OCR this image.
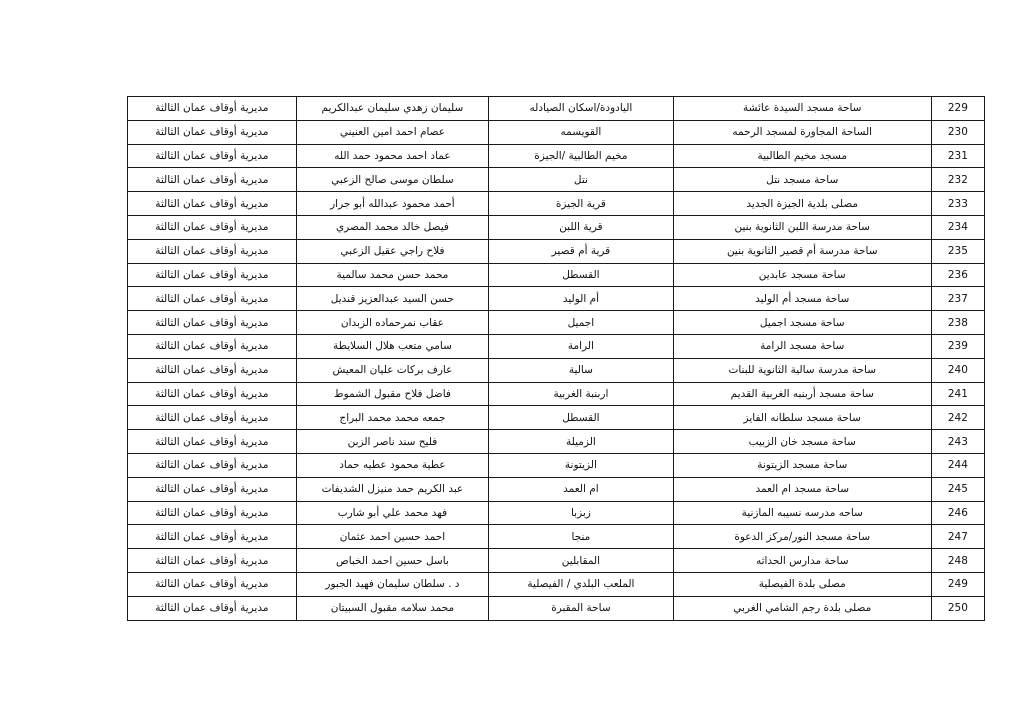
229	ساحة مسجد السيدة عائشة	اليادودة/اسكان الصيادله	سليمان زهدي سليمان عبدالكريم	مديرية أوقاف عمان الثالثة
230	الساحة المجاورة لمسجد الرحمه	القويسمه	عصام احمد امين العنيني	مديرية أوقاف عمان الثالثة
231	مسجد مخيم الطالبية	مخيم الطالبية /الجيزة	عماد احمد محمود حمد الله	مديرية أوقاف عمان الثالثة
232	ساحة مسجد نتل	نتل	سلطان موسى صالح الزعبي	مديرية أوقاف عمان الثالثة
233	مصلى بلدية الجيزة الجديد	قرية الجيزة	أحمد محمود عبدالله أبو جرار	مديرية أوقاف عمان الثالثة
234	ساحة مدرسة اللبن الثانوية بنين	قرية اللبن	فيصل خالد محمد المصري	مديرية أوقاف عمان الثالثة
235	ساحة مدرسة أم قصير الثانوية بنين	قرية أم قصير	فلاح راجي عقيل الزعبي	مديرية أوقاف عمان الثالثة
236	ساحة مسجد عابدين	القسطل	محمد حسن محمد سالمية	مديرية أوقاف عمان الثالثة
237	ساحة مسجد أم الوليد	أم الوليد	حسن السيد عبدالعزيز قنديل	مديرية أوقاف عمان الثالثة
238	ساحة مسجد اجميل	اجميل	عقاب نمرحماده الزبدان	مديرية أوقاف عمان الثالثة
239	ساحة مسجد الرامة	الرامة	سامي متعب هلال السلايطة	مديرية أوقاف عمان الثالثة
240	ساحة مدرسة سالية الثانوية للبنات	سالية	عارف بركات عليان المعيش	مديرية أوقاف عمان الثالثة
241	ساحة مسجد أربنبه الغربية القديم	اربنبة الغربية	فاضل فلاح مقبول الشموط	مديرية أوقاف عمان الثالثة
242	ساحة مسجد سلطانه الفايز	القسطل	جمعه محمد محمد البراج	مديرية أوقاف عمان الثالثة
243	ساحة مسجد خان الزبيب	الزميلة	فليح سند ناصر الزبن	مديرية أوقاف عمان الثالثة
244	ساحة مسجد الزيتونة	الزيتونة	عطية محمود عطيه حماد	مديرية أوقاف عمان الثالثة
245	ساحة مسجد ام العمد	ام العمد	عبد الكريم حمد منيزل الشديفات	مديرية أوقاف عمان الثالثة
246	ساحه مدرسه نسيبه المازنية	زبزبا	فهد محمد علي أبو شارب	مديرية أوقاف عمان الثالثة
247	ساحة مسجد النور/مركز الدعوة	منجا	احمد حسين احمد عثمان	مديرية أوقاف عمان الثالثة
248	ساحة مدارس الحداثه	المقابلين	باسل حسين احمد الخباص	مديرية أوقاف عمان الثالثة
249	مصلى بلدة الفيصلية	الملعب البلدي / الفيصلية	د . سلطان سليمان فهيد الجبور	مديرية أوقاف عمان الثالثة
250	مصلى بلدة رجم الشامي الغربي	ساحة المقبرة	محمد سلامه مقبول السبيتان	مديرية أوقاف عمان الثالثة
